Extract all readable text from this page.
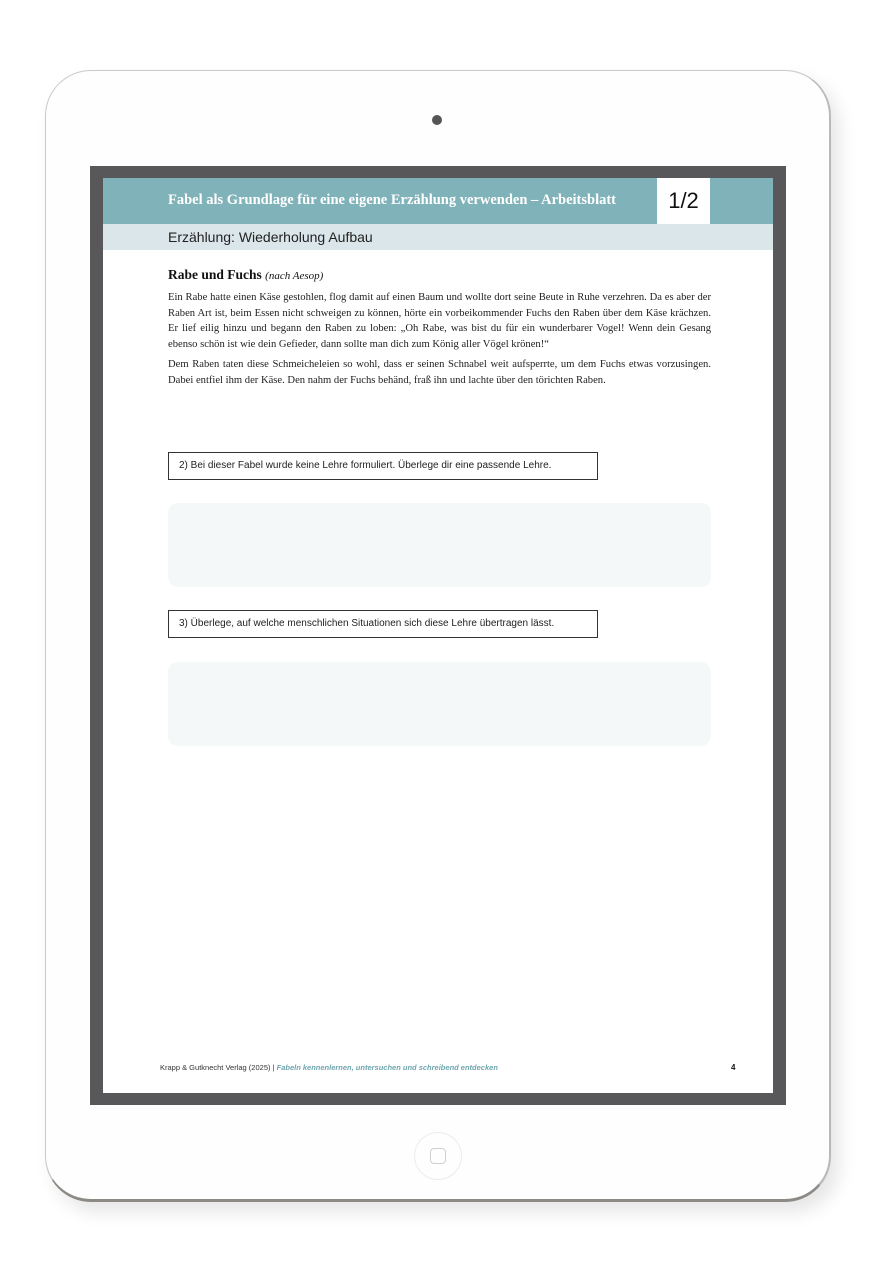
Fabel als Grundlage für eine eigene Erzählung verwenden – Arbeitsblatt	1/2
Erzählung: Wiederholung Aufbau
Rabe und Fuchs (nach Aesop)

Ein Rabe hatte einen Käse gestohlen, flog damit auf einen Baum und wollte dort seine Beute in Ruhe verzehren. Da es aber der Raben Art ist, beim Essen nicht schweigen zu können, hörte ein vorbeikommender Fuchs den Raben über dem Käse krächzen. Er lief eilig hinzu und begann den Raben zu loben: „Oh Rabe, was bist du für ein wunderbarer Vogel! Wenn dein Gesang ebenso schön ist wie dein Gefieder, dann sollte man dich zum König aller Vögel krönen!“

Dem Raben taten diese Schmeicheleien so wohl, dass er seinen Schnabel weit aufsperrte, um dem Fuchs etwas vorzusingen. Dabei entfiel ihm der Käse. Den nahm der Fuchs behänd, fraß ihn und lachte über den törichten Raben.

2) Bei dieser Fabel wurde keine Lehre formuliert. Überlege dir eine passende Lehre.
3) Überlege, auf welche menschlichen Situationen sich diese Lehre übertragen lässt.
Krapp & Gutknecht Verlag (2025) | Fabeln kennenlernen, untersuchen und schreibend entdecken	4
